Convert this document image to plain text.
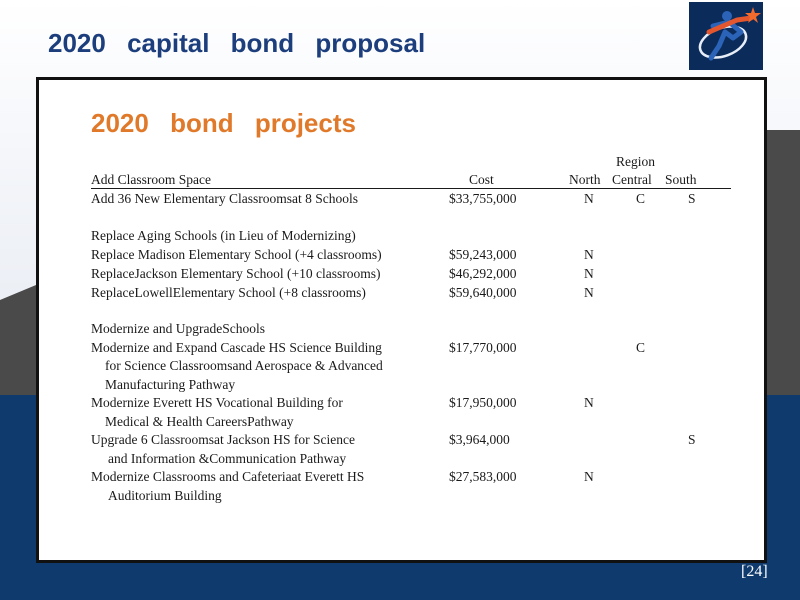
2020 capital bond proposal
2020 bond projects
Region
Add Classroom Space	Cost	North Central South
Add 36 New Elementary Classroomsat 8 Schools	$33,755,000	N	C	S
Replace Aging Schools (in Lieu of Modernizing)
Replace Madison Elementary School (+4 classrooms)	$59,243,000	N
ReplaceJackson Elementary School (+10 classrooms)	$46,292,000	N
ReplaceLowellElementary School (+8 classrooms)	$59,640,000	N
Modernize and UpgradeSchools
Modernize and Expand Cascade HS Science Building
for Science Classroomsand Aerospace & Advanced
Manufacturing Pathway
$17,770,000	C
Modernize Everett HS Vocational Building for
Medical & Health CareersPathway
$17,950,000	N
Upgrade 6 Classroomsat Jackson HS for Science
and Information &Communication Pathway
$3,964,000	S
Modernize Classrooms and Cafeteriaat Everett HS
Auditorium Building
$27,583,000	N
[24]
